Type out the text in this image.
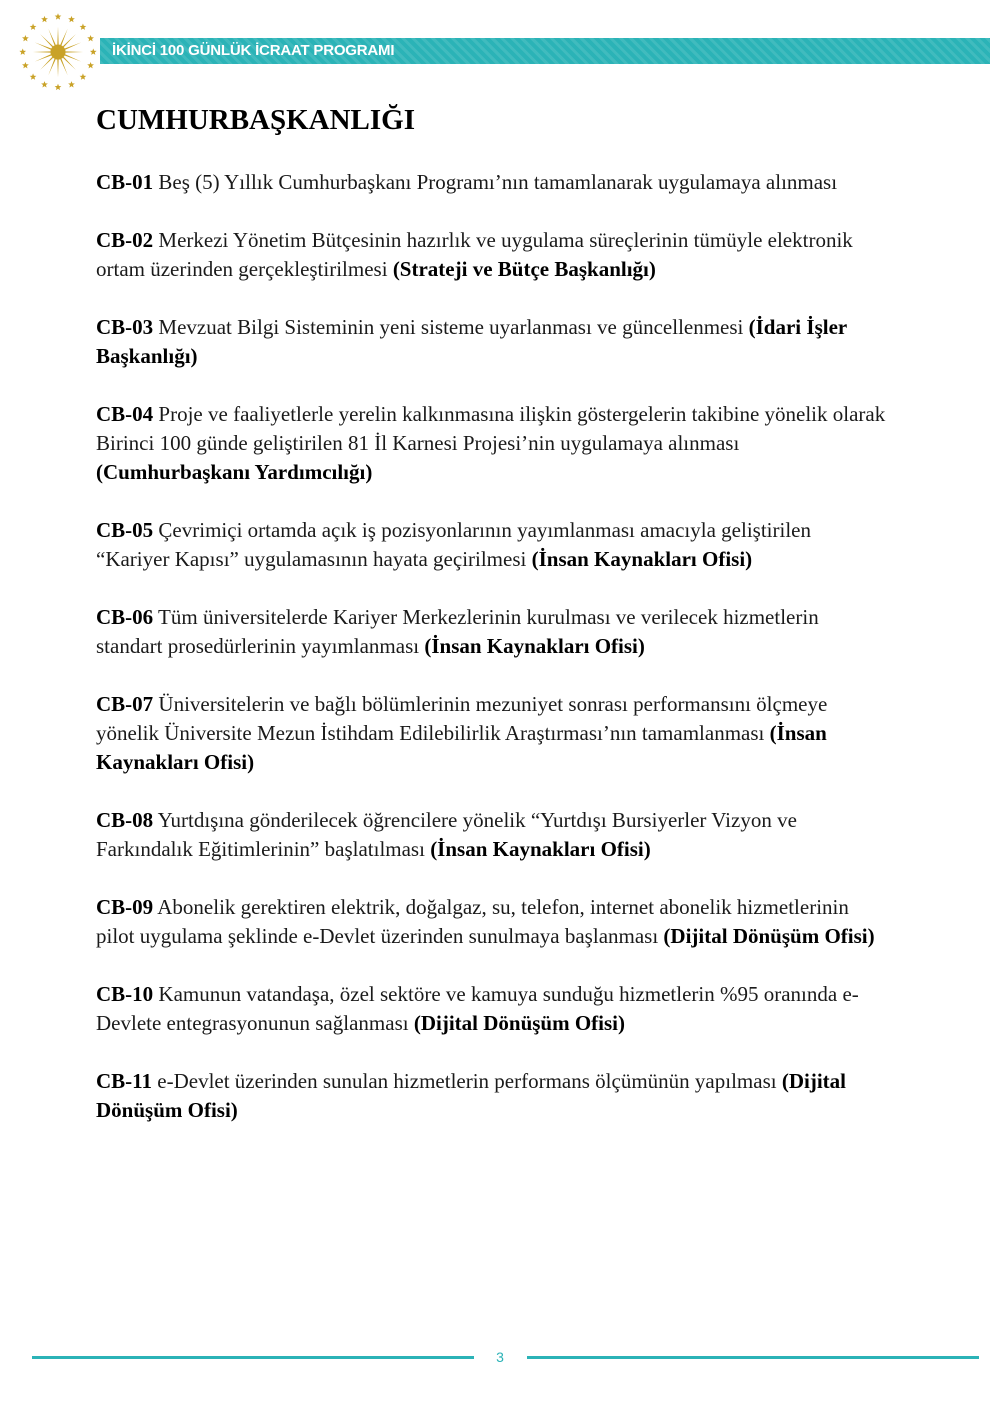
İKİNCİ 100 GÜNLÜK İCRAAT PROGRAMI
CUMHURBAŞKANLIĞI

CB-01 Beş (5) Yıllık Cumhurbaşkanı Programı’nın tamamlanarak uygulamaya alınması

CB-02 Merkezi Yönetim Bütçesinin hazırlık ve uygulama süreçlerinin tümüyle elektronik ortam üzerinden gerçekleştirilmesi (Strateji ve Bütçe Başkanlığı)

CB-03 Mevzuat Bilgi Sisteminin yeni sisteme uyarlanması ve güncellenmesi (İdari İşler Başkanlığı)

CB-04 Proje ve faaliyetlerle yerelin kalkınmasına ilişkin göstergelerin takibine yönelik olarak Birinci 100 günde geliştirilen 81 İl Karnesi Projesi’nin uygulamaya alınması (Cumhurbaşkanı Yardımcılığı)

CB-05 Çevrimiçi ortamda açık iş pozisyonlarının yayımlanması amacıyla geliştirilen “Kariyer Kapısı” uygulamasının hayata geçirilmesi (İnsan Kaynakları Ofisi)

CB-06 Tüm üniversitelerde Kariyer Merkezlerinin kurulması ve verilecek hizmetlerin standart prosedürlerinin yayımlanması (İnsan Kaynakları Ofisi)

CB-07 Üniversitelerin ve bağlı bölümlerinin mezuniyet sonrası performansını ölçmeye yönelik Üniversite Mezun İstihdam Edilebilirlik Araştırması’nın tamamlanması (İnsan Kaynakları Ofisi)

CB-08 Yurtdışına gönderilecek öğrencilere yönelik “Yurtdışı Bursiyerler Vizyon ve Farkındalık Eğitimlerinin” başlatılması (İnsan Kaynakları Ofisi)

CB-09 Abonelik gerektiren elektrik, doğalgaz, su, telefon, internet abonelik hizmetlerinin pilot uygulama şeklinde e-Devlet üzerinden sunulmaya başlanması (Dijital Dönüşüm Ofisi)

CB-10 Kamunun vatandaşa, özel sektöre ve kamuya sunduğu hizmetlerin %95 oranında e-Devlete entegrasyonunun sağlanması (Dijital Dönüşüm Ofisi)

CB-11 e-Devlet üzerinden sunulan hizmetlerin performans ölçümünün yapılması (Dijital Dönüşüm Ofisi)

3
